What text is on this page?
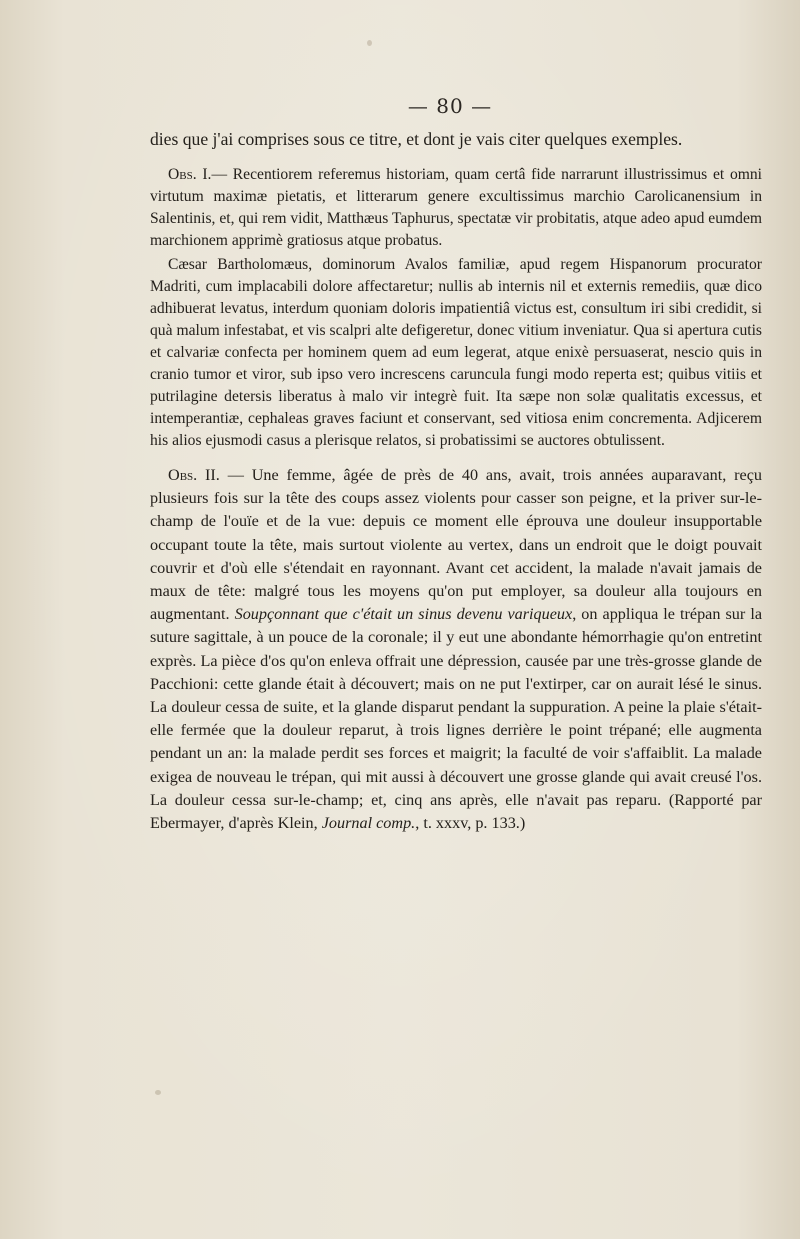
— 80 —

dies que j'ai comprises sous ce titre, et dont je vais citer quelques exemples.

Obs. I.— Recentiorem referemus historiam, quam certâ fide narrarunt illustrissimus et omni virtutum maximæ pietatis, et litterarum genere excultissimus marchio Carolicanensium in Salentinis, et, qui rem vidit, Matthæus Taphurus, spectatæ vir probitatis, atque adeo apud eumdem marchionem apprimè gratiosus atque probatus.

Cæsar Bartholomæus, dominorum Avalos familiæ, apud regem Hispanorum procurator Madriti, cum implacabili dolore affectaretur; nullis ab internis nil et externis remediis, quæ dico adhibuerat levatus, interdum quoniam doloris impatientiâ victus est, consultum iri sibi credidit, si quà malum infestabat, et vis scalpri alte defigeretur, donec vitium inveniatur. Qua si apertura cutis et calvariæ confecta per hominem quem ad eum legerat, atque enixè persuaserat, nescio quis in cranio tumor et viror, sub ipso vero increscens caruncula fungi modo reperta est; quibus vitiis et putrilagine detersis liberatus à malo vir integrè fuit. Ita sæpe non solæ qualitatis excessus, et intemperantiæ, cephaleas graves faciunt et conservant, sed vitiosa enim concrementa. Adjicerem his alios ejusmodi casus a plerisque relatos, si probatissimi se auctores obtulissent.

Obs. II. — Une femme, âgée de près de 40 ans, avait, trois années auparavant, reçu plusieurs fois sur la tête des coups assez violents pour casser son peigne, et la priver sur-le-champ de l'ouïe et de la vue: depuis ce moment elle éprouva une douleur insupportable occupant toute la tête, mais surtout violente au vertex, dans un endroit que le doigt pouvait couvrir et d'où elle s'étendait en rayonnant. Avant cet accident, la malade n'avait jamais de maux de tête: malgré tous les moyens qu'on put employer, sa douleur alla toujours en augmentant. Soupçonnant que c'était un sinus devenu variqueux, on appliqua le trépan sur la suture sagittale, à un pouce de la coronale; il y eut une abondante hémorrhagie qu'on entretint exprès. La pièce d'os qu'on enleva offrait une dépression, causée par une très-grosse glande de Pacchioni: cette glande était à découvert; mais on ne put l'extirper, car on aurait lésé le sinus. La douleur cessa de suite, et la glande disparut pendant la suppuration. A peine la plaie s'était-elle fermée que la douleur reparut, à trois lignes derrière le point trépané; elle augmenta pendant un an: la malade perdit ses forces et maigrit; la faculté de voir s'affaiblit. La malade exigea de nouveau le trépan, qui mit aussi à découvert une grosse glande qui avait creusé l'os. La douleur cessa sur-le-champ; et, cinq ans après, elle n'avait pas reparu. (Rapporté par Ebermayer, d'après Klein, Journal comp., t. xxxv, p. 133.)
